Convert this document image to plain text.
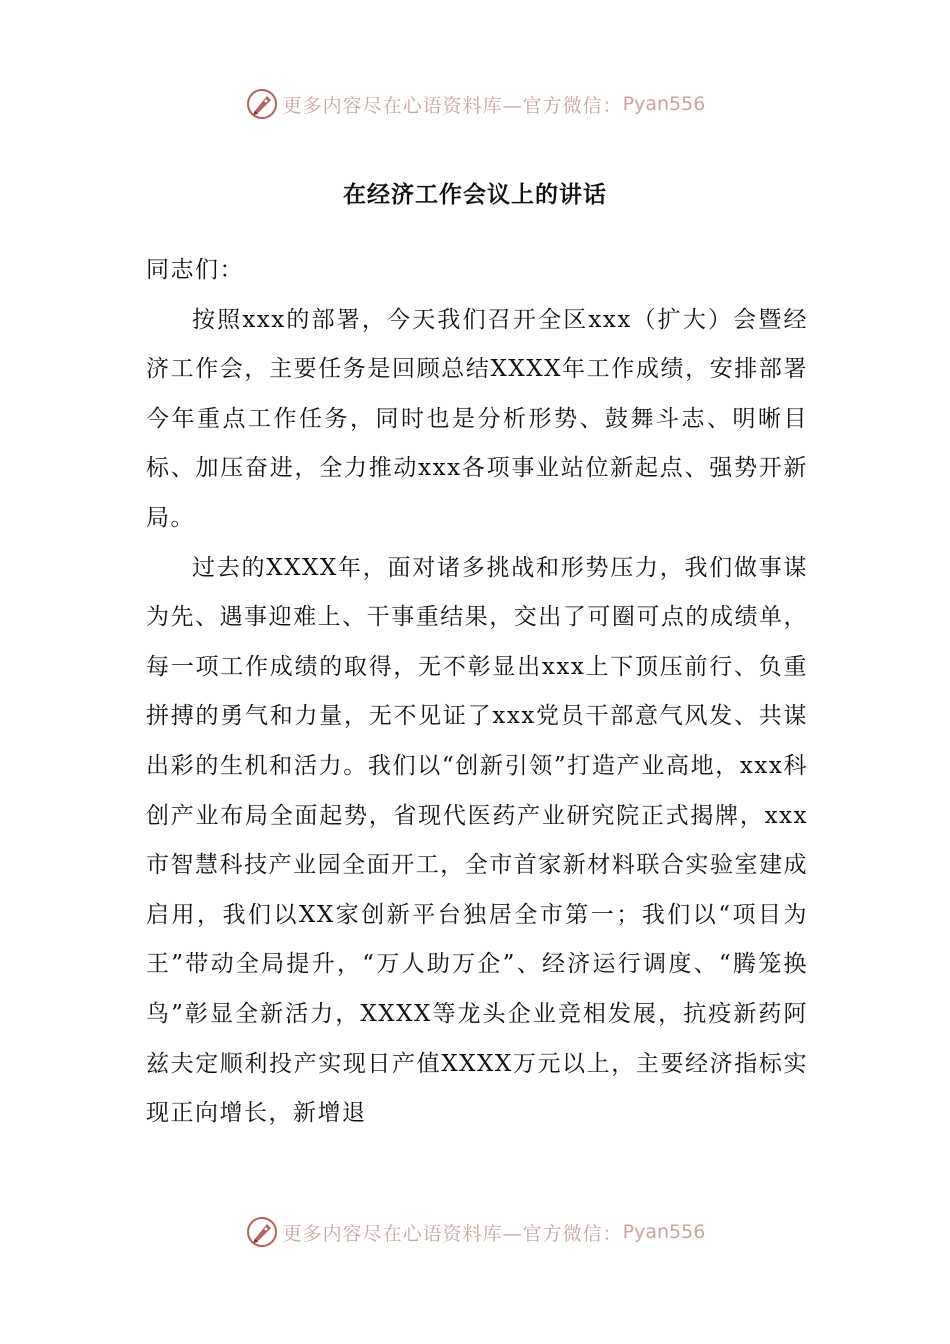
更多内容尽在心语资料库—官方微信： Pyan556
在经济工作会议上的讲话

同志们：

按照xxx的部署，今天我们召开全区xxx（扩大）会暨经济工作会，主要任务是回顾总结XXXX年工作成绩，安排部署今年重点工作任务，同时也是分析形势、鼓舞斗志、明晰目标、加压奋进，全力推动xxx各项事业站位新起点、强势开新局。

过去的XXXX年，面对诸多挑战和形势压力，我们做事谋为先、遇事迎难上、干事重结果，交出了可圈可点的成绩单，每一项工作成绩的取得，无不彰显出xxx上下顶压前行、负重拼搏的勇气和力量，无不见证了xxx党员干部意气风发、共谋出彩的生机和活力。我们以“创新引领”打造产业高地，xxx科创产业布局全面起势，省现代医药产业研究院正式揭牌，xxx市智慧科技产业园全面开工，全市首家新材料联合实验室建成启用，我们以XX家创新平台独居全市第一；我们以“项目为王”带动全局提升，“万人助万企”、经济运行调度、“腾笼换鸟”彰显全新活力，XXXX等龙头企业竞相发展，抗疫新药阿兹夫定顺利投产实现日产值XXXX万元以上，主要经济指标实现正向增长，新增退

更多内容尽在心语资料库—官方微信： Pyan556
